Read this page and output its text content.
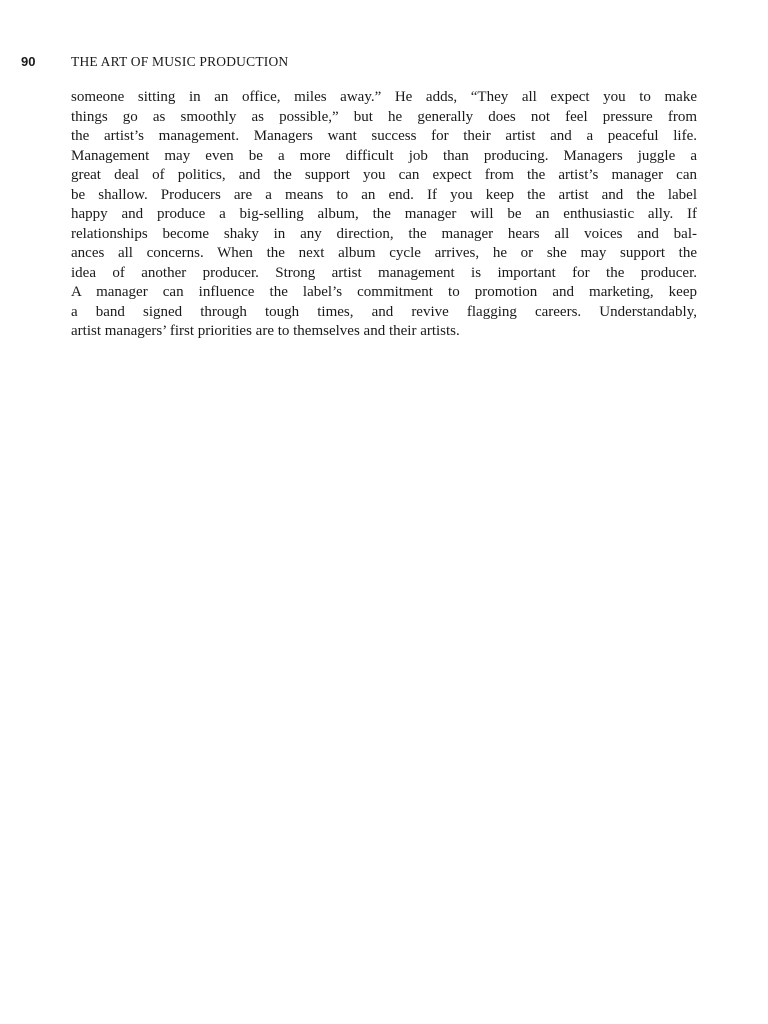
90	THE ART OF MUSIC PRODUCTION
someone sitting in an office, miles away.” He adds, “They all expect you to make
things go as smoothly as possible,” but he generally does not feel pressure from
the artist’s management. Managers want success for their artist and a peaceful life.
Management may even be a more difficult job than producing. Managers juggle a
great deal of politics, and the support you can expect from the artist’s manager can
be shallow. Producers are a means to an end. If you keep the artist and the label
happy and produce a big-selling album, the manager will be an enthusiastic ally. If
relationships become shaky in any direction, the manager hears all voices and bal-
ances all concerns. When the next album cycle arrives, he or she may support the
idea of another producer. Strong artist management is important for the producer.
A manager can influence the label’s commitment to promotion and marketing, keep
a band signed through tough times, and revive flagging careers. Understandably,
artist managers’ first priorities are to themselves and their artists.
